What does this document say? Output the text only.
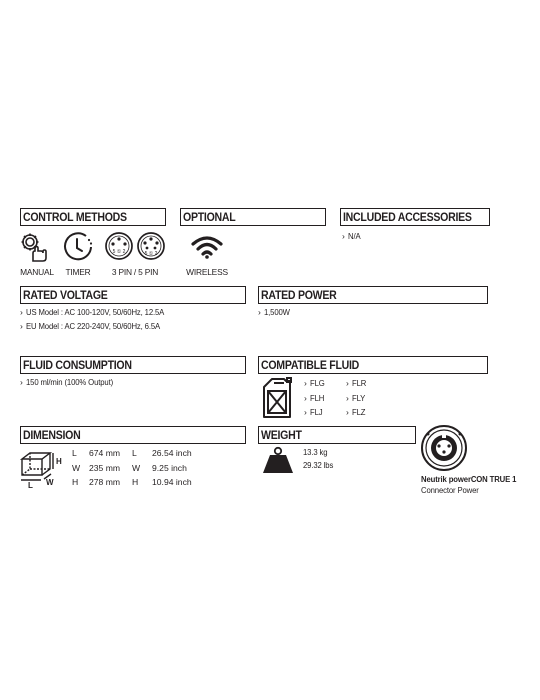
CONTROL METHODS
MANUAL	TIMER
5 ① 2	5 ① 2
3 PIN / 5 PIN
OPTIONAL
WIRELESS
INCLUDED ACCESSORIES
› N/A
RATED VOLTAGE
› US Model : AC 100-120V, 50/60Hz, 12.5A
› EU Model : AC 220-240V, 50/60Hz, 6.5A
RATED POWER
› 1,500W
FLUID CONSUMPTION
› 150 ml/min (100% Output)
COMPATIBLE FLUID
› FLG
› FLH
› FLJ
› FLR
› FLY
› FLZ
DIMENSION
H
L W
L 674 mm L 26.54 inch
W 235 mm W 9.25 inch
H 278 mm H 10.94 inch
WEIGHT
13.3 kg
29.32 lbs
Neutrik powerCON TRUE 1
Connector Power
